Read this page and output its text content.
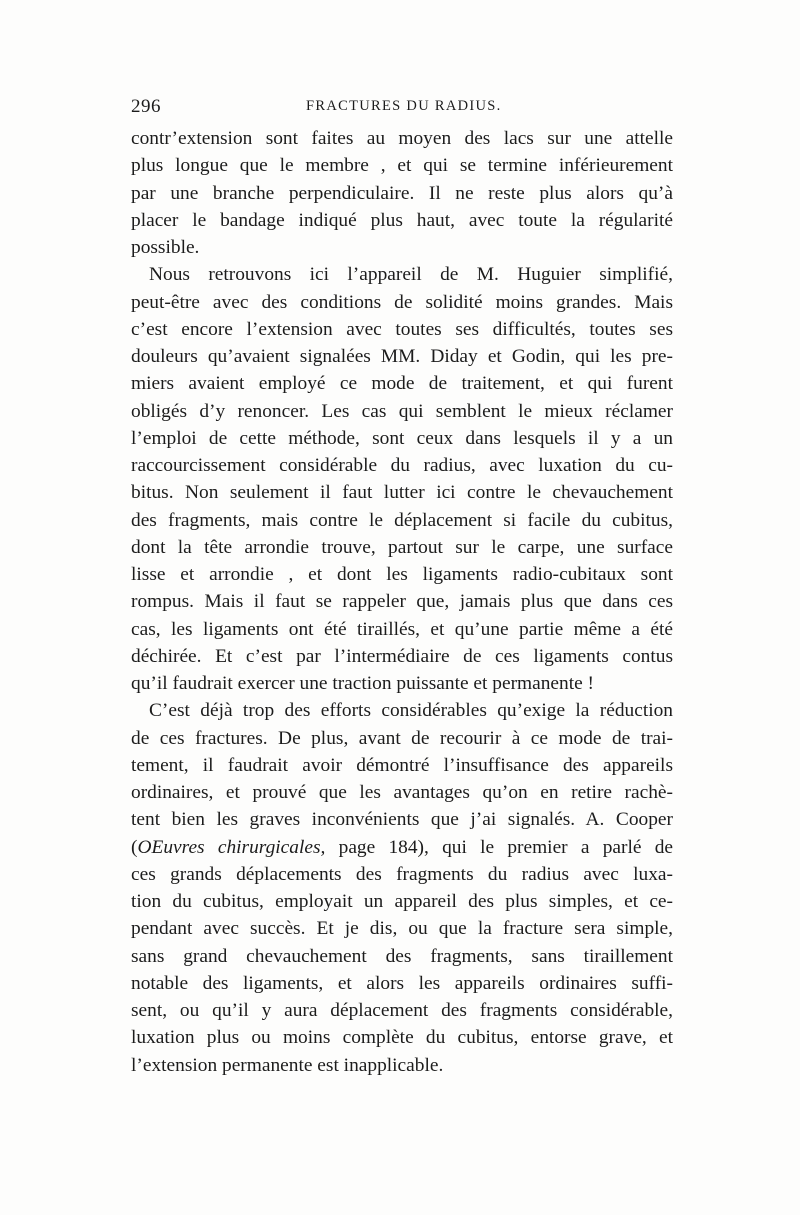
296	FRACTURES DU RADIUS.
contr’extension sont faites au moyen des lacs sur une attelle
plus longue que le membre , et qui se termine inférieurement
par une branche perpendiculaire. Il ne reste plus alors qu’à
placer le bandage indiqué plus haut, avec toute la régularité
possible.
Nous retrouvons ici l’appareil de M. Huguier simplifié,
peut-être avec des conditions de solidité moins grandes. Mais
c’est encore l’extension avec toutes ses difficultés, toutes ses
douleurs qu’avaient signalées MM. Diday et Godin, qui les pre-
miers avaient employé ce mode de traitement, et qui furent
obligés d’y renoncer. Les cas qui semblent le mieux réclamer
l’emploi de cette méthode, sont ceux dans lesquels il y a un
raccourcissement considérable du radius, avec luxation du cu-
bitus. Non seulement il faut lutter ici contre le chevauchement
des fragments, mais contre le déplacement si facile du cubitus,
dont la tête arrondie trouve, partout sur le carpe, une surface
lisse et arrondie , et dont les ligaments radio-cubitaux sont
rompus. Mais il faut se rappeler que, jamais plus que dans ces
cas, les ligaments ont été tiraillés, et qu’une partie même a été
déchirée. Et c’est par l’intermédiaire de ces ligaments contus
qu’il faudrait exercer une traction puissante et permanente !
C’est déjà trop des efforts considérables qu’exige la réduction
de ces fractures. De plus, avant de recourir à ce mode de trai-
tement, il faudrait avoir démontré l’insuffisance des appareils
ordinaires, et prouvé que les avantages qu’on en retire rachè-
tent bien les graves inconvénients que j’ai signalés. A. Cooper
(OEuvres chirurgicales, page 184), qui le premier a parlé de
ces grands déplacements des fragments du radius avec luxa-
tion du cubitus, employait un appareil des plus simples, et ce-
pendant avec succès. Et je dis, ou que la fracture sera simple,
sans grand chevauchement des fragments, sans tiraillement
notable des ligaments, et alors les appareils ordinaires suffi-
sent, ou qu’il y aura déplacement des fragments considérable,
luxation plus ou moins complète du cubitus, entorse grave, et
l’extension permanente est inapplicable.
